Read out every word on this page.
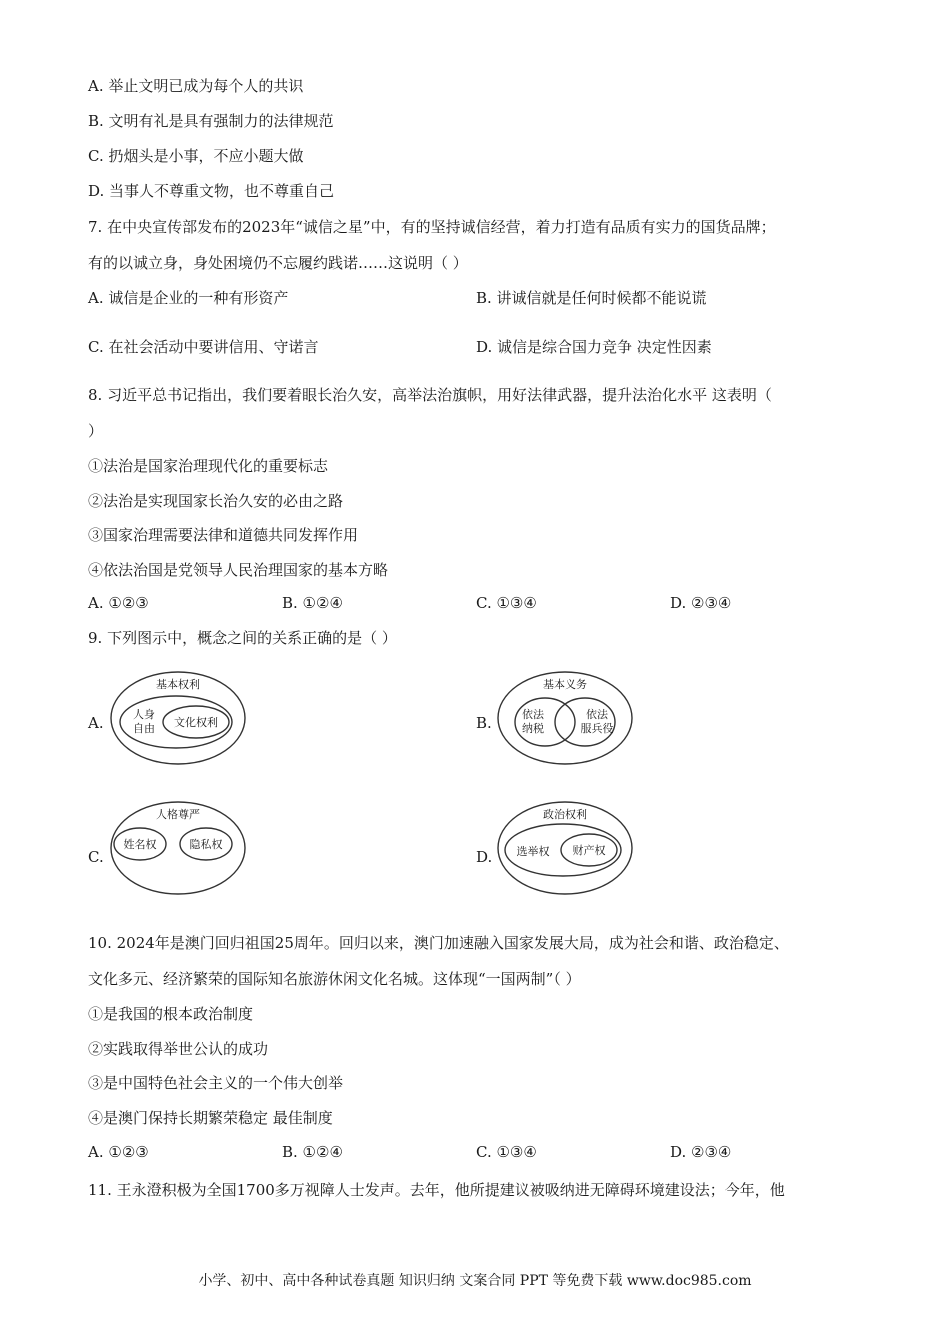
A. 举止文明已成为每个人的共识
B. 文明有礼是具有强制力的法律规范
C. 扔烟头是小事，不应小题大做
D. 当事人不尊重文物，也不尊重自己
7. 在中央宣传部发布的2023年“诚信之星”中，有的坚持诚信经营，着力打造有品质有实力的国货品牌；
有的以诚立身，身处困境仍不忘履约践诺……这说明（ ）
A. 诚信是企业的一种有形资产	B. 讲诚信就是任何时候都不能说谎
C. 在社会活动中要讲信用、守诺言	D. 诚信是综合国力竞争 决定性因素
8. 习近平总书记指出，我们要着眼长治久安，高举法治旗帜，用好法律武器，提升法治化水平 这表明（
）
①法治是国家治理现代化的重要标志
②法治是实现国家长治久安的必由之路
③国家治理需要法律和道德共同发挥作用
④依法治国是党领导人民治理国家的基本方略
A. ①②③	B. ①②④	C. ①③④	D. ②③④
9. 下列图示中，概念之间的关系正确的是（ ）
A.
基本权利
人身
自由 文化权利	B.
基本义务
依法
纳税
依法
服兵役
C.
人格尊严
姓名权	隐私权
D.
政治权利
选举权 财产权
10. 2024年是澳门回归祖国25周年。回归以来，澳门加速融入国家发展大局，成为社会和谐、政治稳定、
文化多元、经济繁荣的国际知名旅游休闲文化名城。这体现“一国两制”（ ）
①是我国的根本政治制度
②实践取得举世公认的成功
③是中国特色社会主义的一个伟大创举
④是澳门保持长期繁荣稳定 最佳制度
A. ①②③	B. ①②④	C. ①③④	D. ②③④
11. 王永澄积极为全国1700多万视障人士发声。去年，他所提建议被吸纳进无障碍环境建设法；今年，他
小学、初中、高中各种试卷真题 知识归纳 文案合同 PPT 等免费下载 www.doc985.com
